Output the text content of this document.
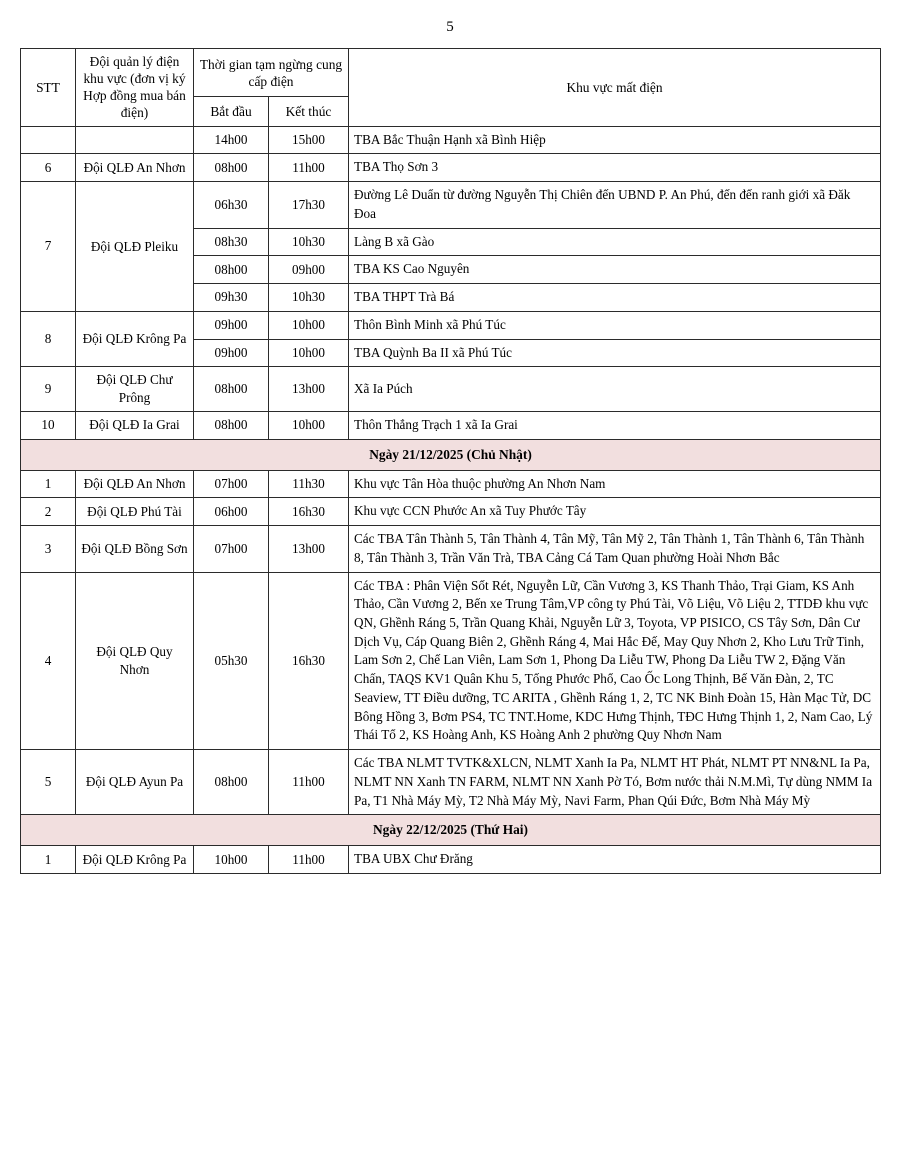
5
STT	Đội quản lý điện khu vực (đơn vị ký Hợp đồng mua bán điện)	Thời gian tạm ngừng cung cấp điện		Khu vực mất điện
		Bắt đầu	Kết thúc	
		14h00	15h00	TBA Bắc Thuận Hạnh xã Bình Hiệp
6	Đội QLĐ An Nhơn	08h00	11h00	TBA Thọ Sơn 3
7	Đội QLĐ Pleiku	06h30	17h30	Đường Lê Duẩn từ đường Nguyễn Thị Chiên đến UBND P. An Phú, đến đến ranh giới xã Đăk Đoa
		08h30	10h30	Làng B xã Gào
		08h00	09h00	TBA KS Cao Nguyên
		09h30	10h30	TBA THPT Trà Bá
8	Đội QLĐ Krông Pa	09h00	10h00	Thôn Bình Minh xã Phú Túc
		09h00	10h00	TBA Quỳnh Ba II xã Phú Túc
9	Đội QLĐ Chư Prông	08h00	13h00	Xã Ia Púch
10	Đội QLĐ Ia Grai	08h00	10h00	Thôn Thắng Trạch 1 xã Ia Grai
Ngày 21/12/2025 (Chủ Nhật)				
1	Đội QLĐ An Nhơn	07h00	11h30	Khu vực Tân Hòa thuộc phường An Nhơn Nam
2	Đội QLĐ Phú Tài	06h00	16h30	Khu vực CCN Phước An xã Tuy Phước Tây
3	Đội QLĐ Bồng Sơn	07h00	13h00	Các TBA Tân Thành 5, Tân Thành 4, Tân Mỹ, Tân Mỹ 2, Tân Thành 1, Tân Thành 6, Tân Thành 8, Tân Thành 3, Trần Văn Trà, TBA Cảng Cá Tam Quan phường Hoài Nhơn Bắc
4	Đội QLĐ Quy Nhơn	05h30	16h30	Các TBA : Phân Viện Sốt Rét, Nguyễn Lữ, Cần Vương 3, KS Thanh Thảo, Trại Giam, KS Anh Thảo, Cần Vương 2, Bến xe Trung Tâm,VP công ty Phú Tài, Võ Liệu, Võ Liệu 2, TTDĐ khu vực QN, Ghềnh Ráng 5, Trần Quang Khải, Nguyễn Lữ 3, Toyota, VP PISICO, CS Tây Sơn, Dân Cư Dịch Vụ, Cáp Quang Biên 2, Ghềnh Ráng 4, Mai Hắc Đế, May Quy Nhơn 2, Kho Lưu Trữ Tinh, Lam Sơn 2, Chế Lan Viên, Lam Sơn 1, Phong Da Liễu TW, Phong Da Liễu TW 2, Đặng Văn Chấn, TAQS KV1 Quân Khu 5, Tống Phước Phổ, Cao Ốc Long Thịnh, Bế Văn Đàn, 2, TC Seaview, TT Điều dưỡng, TC ARITA , Ghềnh Ráng 1, 2, TC NK Binh Đoàn 15, Hàn Mạc Tử, DC Bông Hồng 3, Bơm PS4, TC TNT.Home, KDC Hưng Thịnh, TĐC Hưng Thịnh 1, 2, Nam Cao, Lý Thái Tổ 2, KS Hoàng Anh, KS Hoàng Anh 2 phường Quy Nhơn Nam
5	Đội QLĐ Ayun Pa	08h00	11h00	Các TBA NLMT TVTK&XLCN, NLMT Xanh Ia Pa, NLMT HT Phát, NLMT PT NN&NL Ia Pa, NLMT NN Xanh TN FARM, NLMT NN Xanh Pờ Tó, Bơm nước thải N.M.Mì, Tự dùng NMM Ia Pa, T1 Nhà Máy Mỳ, T2 Nhà Máy Mỳ, Navi Farm, Phan Qúi Đức, Bơm Nhà Máy Mỳ
Ngày 22/12/2025 (Thứ Hai)				
1	Đội QLĐ Krông Pa	10h00	11h00	TBA UBX Chư Đrăng
